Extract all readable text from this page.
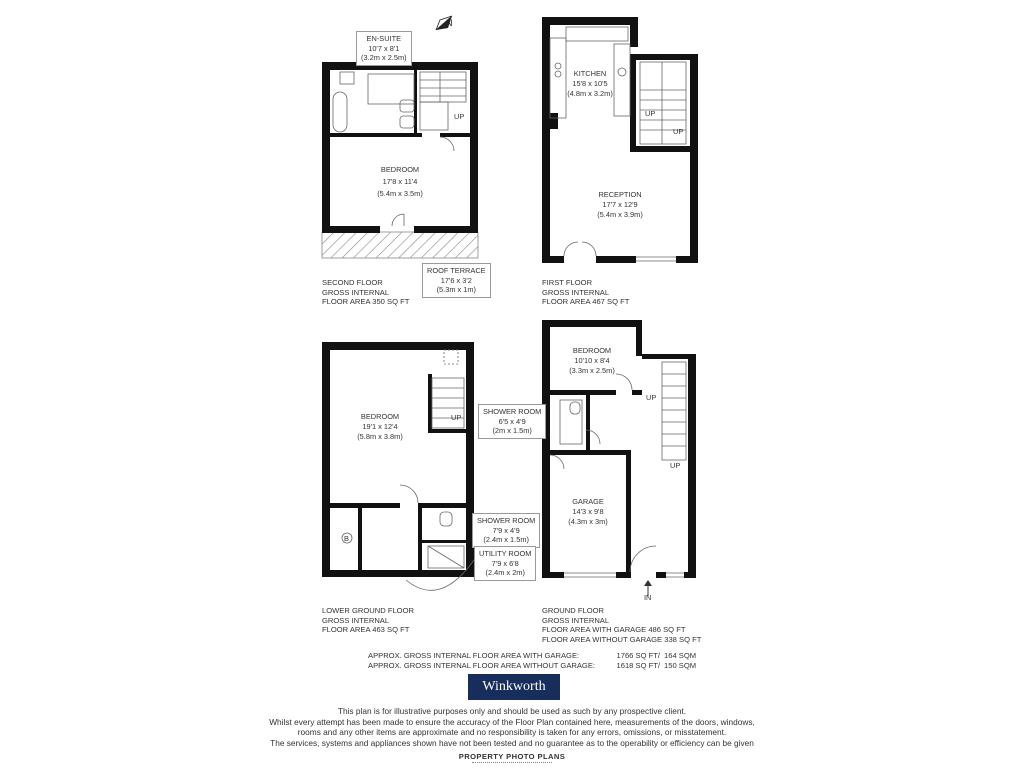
BEDROOM
17'8 x 11'4
(5.4m x 3.5m)
UP
N
KITCHEN
15'8 x 10'5
(4.8m x 3.2m)
RECEPTION
17'7 x 12'9
(5.4m x 3.9m)
UP
UP
BEDROOM
19'1 x 12'4
(5.8m x 3.8m)
UP
B
BEDROOM
10'10 x 8'4
(3.3m x 2.5m)
GARAGE
14'3 x 9'8
(4.3m x 3m)
UP
UP
IN
EN-SUITE
10'7 x 8'1
(3.2m x 2.5m)
ROOF TERRACE
17'6 x 3'2
(5.3m x 1m)
SHOWER ROOM
6'5 x 4'9
(2m x 1.5m)
SHOWER ROOM
7'9 x 4'9
(2.4m x 1.5m)
UTILITY ROOM
7'9 x 6'8
(2.4m x 2m)
SECOND FLOOR
GROSS INTERNAL
FLOOR AREA 350 SQ FT
FIRST FLOOR
GROSS INTERNAL
FLOOR AREA 467 SQ FT
LOWER GROUND FLOOR
GROSS INTERNAL
FLOOR AREA 463 SQ FT
GROUND FLOOR
GROSS INTERNAL
FLOOR AREA WITH GARAGE 486 SQ FT
FLOOR AREA WITHOUT GARAGE 338 SQ FT
APPROX. GROSS INTERNAL FLOOR AREA WITH GARAGE:	1766 SQ FT/ 164 SQM
APPROX. GROSS INTERNAL FLOOR AREA WITHOUT GARAGE:	1618 SQ FT/ 150 SQM
Winkworth
This plan is for illustrative purposes only and should be used as such by any prospective client.
Whilst every attempt has been made to ensure the accuracy of the Floor Plan contained here, measurements of the doors, windows,
rooms and any other items are approximate and no responsibility is taken for any errors, omissions, or misstatement.
The services, systems and appliances shown have not been tested and no guarantee as to the operability or efficiency can be given
PROPERTY PHOTO PLANS
